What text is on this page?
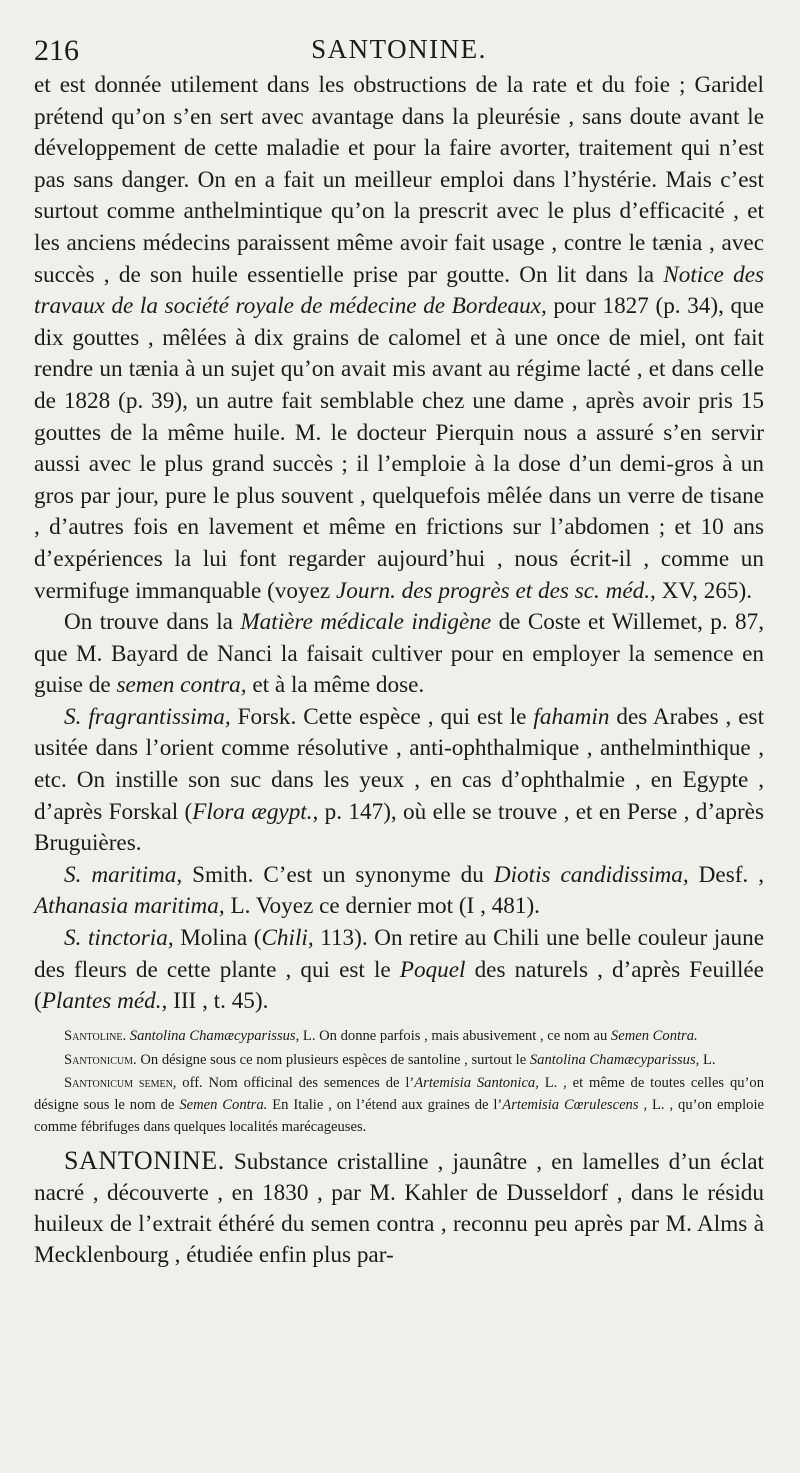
216	SANTONINE.

et est donnée utilement dans les obstructions de la rate et du foie ; Garidel prétend qu’on s’en sert avec avantage dans la pleurésie , sans doute avant le développement de cette maladie et pour la faire avorter, traitement qui n’est pas sans danger. On en a fait un meilleur emploi dans l’hystérie. Mais c’est surtout comme anthelmintique qu’on la prescrit avec le plus d’efficacité , et les anciens médecins paraissent même avoir fait usage , contre le tænia , avec succès , de son huile essentielle prise par goutte. On lit dans la Notice des travaux de la société royale de médecine de Bordeaux, pour 1827 (p. 34), que dix gouttes , mêlées à dix grains de calomel et à une once de miel, ont fait rendre un tænia à un sujet qu’on avait mis avant au régime lacté , et dans celle de 1828 (p. 39), un autre fait semblable chez une dame , après avoir pris 15 gouttes de la même huile. M. le docteur Pierquin nous a assuré s’en servir aussi avec le plus grand succès ; il l’emploie à la dose d’un demi-gros à un gros par jour, pure le plus souvent , quelquefois mêlée dans un verre de tisane , d’autres fois en lavement et même en frictions sur l’abdomen ; et 10 ans d’expériences la lui font regarder aujourd’hui , nous écrit-il , comme un vermifuge immanquable (voyez Journ. des progrès et des sc. méd., XV, 265).

On trouve dans la Matière médicale indigène de Coste et Willemet, p. 87, que M. Bayard de Nanci la faisait cultiver pour en employer la semence en guise de semen contra, et à la même dose.

S. fragrantissima, Forsk. Cette espèce , qui est le fahamin des Arabes , est usitée dans l’orient comme résolutive , anti-ophthalmique , anthelminthique , etc. On instille son suc dans les yeux , en cas d’ophthalmie , en Egypte , d’après Forskal (Flora ægypt., p. 147), où elle se trouve , et en Perse , d’après Bruguières.

S. maritima, Smith. C’est un synonyme du Diotis candidissima, Desf. , Athanasia maritima, L. Voyez ce dernier mot (I , 481).

S. tinctoria, Molina (Chili, 113). On retire au Chili une belle couleur jaune des fleurs de cette plante , qui est le Poquel des naturels , d’après Feuillée (Plantes méd., III , t. 45).

Santoline. Santolina Chamæcyparissus, L. On donne parfois , mais abusivement , ce nom au Semen Contra.

Santonicum. On désigne sous ce nom plusieurs espèces de santoline , surtout le Santolina Chamæcyparissus, L.

Santonicum semen, off. Nom officinal des semences de l’Artemisia Santonica, L. , et même de toutes celles qu’on désigne sous le nom de Semen Contra. En Italie , on l’étend aux graines de l’Artemisia Cœrulescens , L. , qu’on emploie comme fébrifuges dans quelques localités marécageuses.

SANTONINE. Substance cristalline , jaunâtre , en lamelles d’un éclat nacré , découverte , en 1830 , par M. Kahler de Dusseldorf , dans le résidu huileux de l’extrait éthéré du semen contra , reconnu peu après par M. Alms à Mecklenbourg , étudiée enfin plus par-
